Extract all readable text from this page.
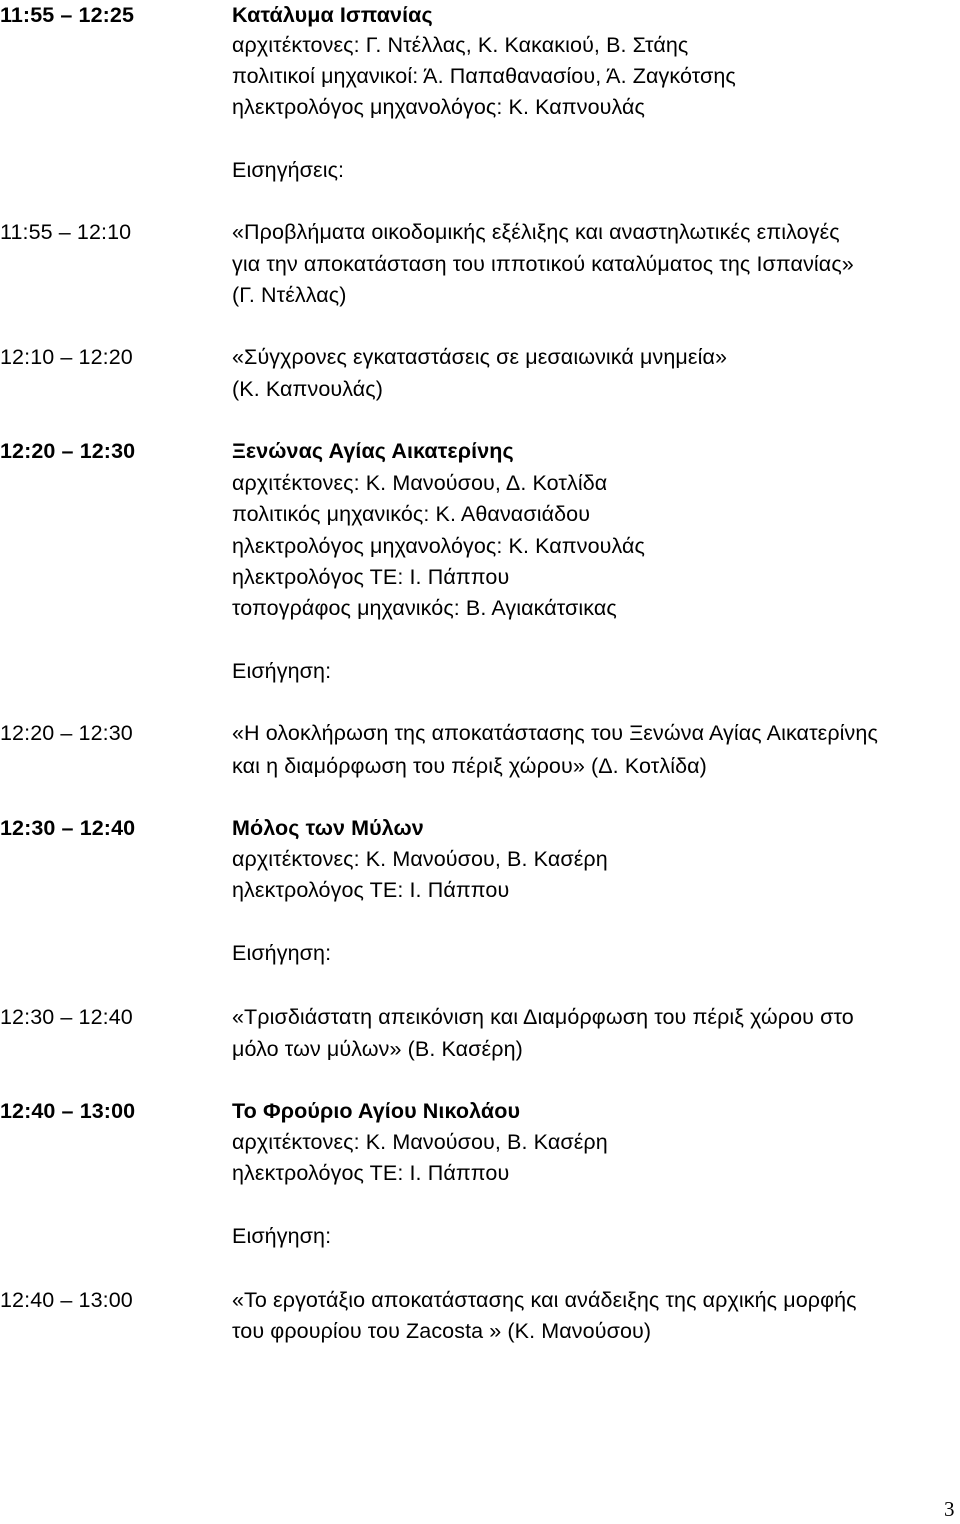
11:55 – 12:25	Κατάλυμα Ισπανίας
αρχιτέκτονες: Γ. Ντέλλας, Κ. Κακακιού, Β. Στάης
πολιτικοί μηχανικοί: Ά. Παπαθανασίου, Ά. Ζαγκότσης
ηλεκτρολόγος μηχανολόγος: Κ. Καπνουλάς
Εισηγήσεις:
11:55 – 12:10	«Προβλήματα οικοδομικής εξέλιξης και αναστηλωτικές επιλογές
για την αποκατάσταση του ιπποτικού καταλύματος της Ισπανίας»
(Γ. Ντέλλας)
12:10 – 12:20	«Σύγχρονες εγκαταστάσεις σε μεσαιωνικά μνημεία»
(Κ. Καπνουλάς)
12:20 – 12:30	Ξενώνας Αγίας Αικατερίνης
αρχιτέκτονες: Κ. Μανούσου, Δ. Κοτλίδα
πολιτικός μηχανικός: Κ. Αθανασιάδου
ηλεκτρολόγος μηχανολόγος: Κ. Καπνουλάς
ηλεκτρολόγος ΤΕ: Ι. Πάππου
τοπογράφος μηχανικός: Β. Αγιακάτσικας
Εισήγηση:
12:20 – 12:30	«Η ολοκλήρωση της αποκατάστασης του Ξενώνα Αγίας Αικατερίνης
και η διαμόρφωση του πέριξ χώρου» (Δ. Κοτλίδα)
12:30 – 12:40	Μόλος των Μύλων
αρχιτέκτονες: Κ. Μανούσου, Β. Κασέρη
ηλεκτρολόγος ΤΕ: Ι. Πάππου
Εισήγηση:
12:30 – 12:40	«Τρισδιάστατη απεικόνιση και Διαμόρφωση του πέριξ χώρου στο
μόλο των μύλων» (Β. Κασέρη)
12:40 – 13:00	Το Φρούριο Αγίου Νικολάου
αρχιτέκτονες: Κ. Μανούσου, Β. Κασέρη
ηλεκτρολόγος ΤΕ: Ι. Πάππου
Εισήγηση:
12:40 – 13:00	«Το εργοτάξιο αποκατάστασης και ανάδειξης της αρχικής μορφής
του φρουρίου του Zacosta » (Κ. Μανούσου)
3
